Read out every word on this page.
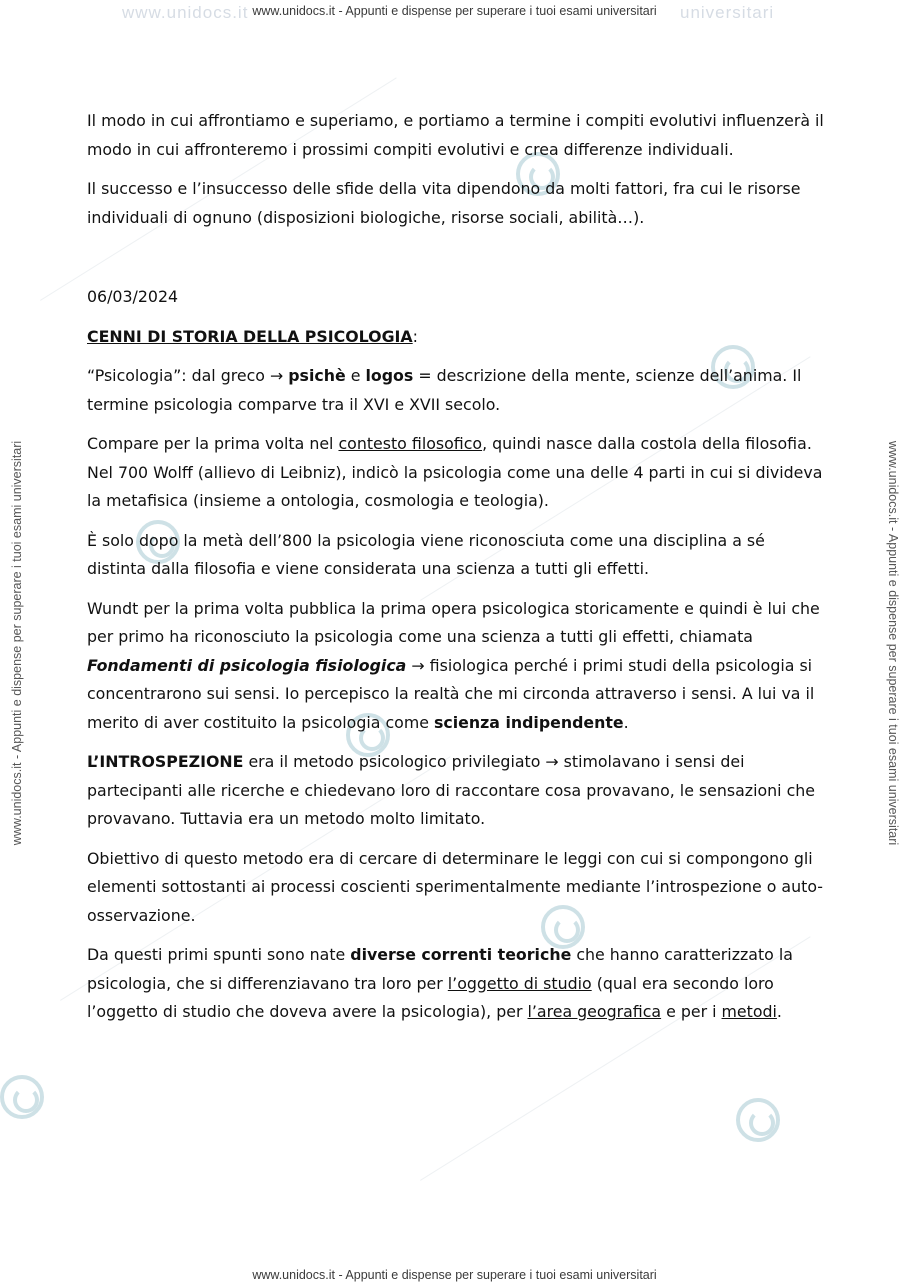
www.unidocs.it	universitari
www.unidocs.it - Appunti e dispense per superare i tuoi esami universitari
www.unidocs.it - Appunti e dispense per superare i tuoi esami universitari
www.unidocs.it - Appunti e dispense per superare i tuoi esami universitari	www.unidocs.it - Appunti e dispense per superare i tuoi esami universitari

Il modo in cui affrontiamo e superiamo, e portiamo a termine i compiti evolutivi influenzerà il modo in cui affronteremo i prossimi compiti evolutivi e crea differenze individuali.

Il successo e l’insuccesso delle sfide della vita dipendono da molti fattori, fra cui le risorse individuali di ognuno (disposizioni biologiche, risorse sociali, abilità…).

06/03/2024

CENNI DI STORIA DELLA PSICOLOGIA:

“Psicologia”: dal greco → psichè e logos = descrizione della mente, scienze dell’anima. Il termine psicologia comparve tra il XVI e XVII secolo.

Compare per la prima volta nel contesto filosofico, quindi nasce dalla costola della filosofia. Nel 700 Wolff (allievo di Leibniz), indicò la psicologia come una delle 4 parti in cui si divideva la metafisica (insieme a ontologia, cosmologia e teologia).

È solo dopo la metà dell’800 la psicologia viene riconosciuta come una disciplina a sé distinta dalla filosofia e viene considerata una scienza a tutti gli effetti.

Wundt per la prima volta pubblica la prima opera psicologica storicamente e quindi è lui che per primo ha riconosciuto la psicologia come una scienza a tutti gli effetti, chiamata Fondamenti di psicologia fisiologica → fisiologica perché i primi studi della psicologia si concentrarono sui sensi. Io percepisco la realtà che mi circonda attraverso i sensi. A lui va il merito di aver costituito la psicologia come scienza indipendente.

L’INTROSPEZIONE era il metodo psicologico privilegiato → stimolavano i sensi dei partecipanti alle ricerche e chiedevano loro di raccontare cosa provavano, le sensazioni che provavano. Tuttavia era un metodo molto limitato.

Obiettivo di questo metodo era di cercare di determinare le leggi con cui si compongono gli elementi sottostanti ai processi coscienti sperimentalmente mediante l’introspezione o auto-osservazione.

Da questi primi spunti sono nate diverse correnti teoriche che hanno caratterizzato la psicologia, che si differenziavano tra loro per l’oggetto di studio (qual era secondo loro l’oggetto di studio che doveva avere la psicologia), per l’area geografica e per i metodi.
